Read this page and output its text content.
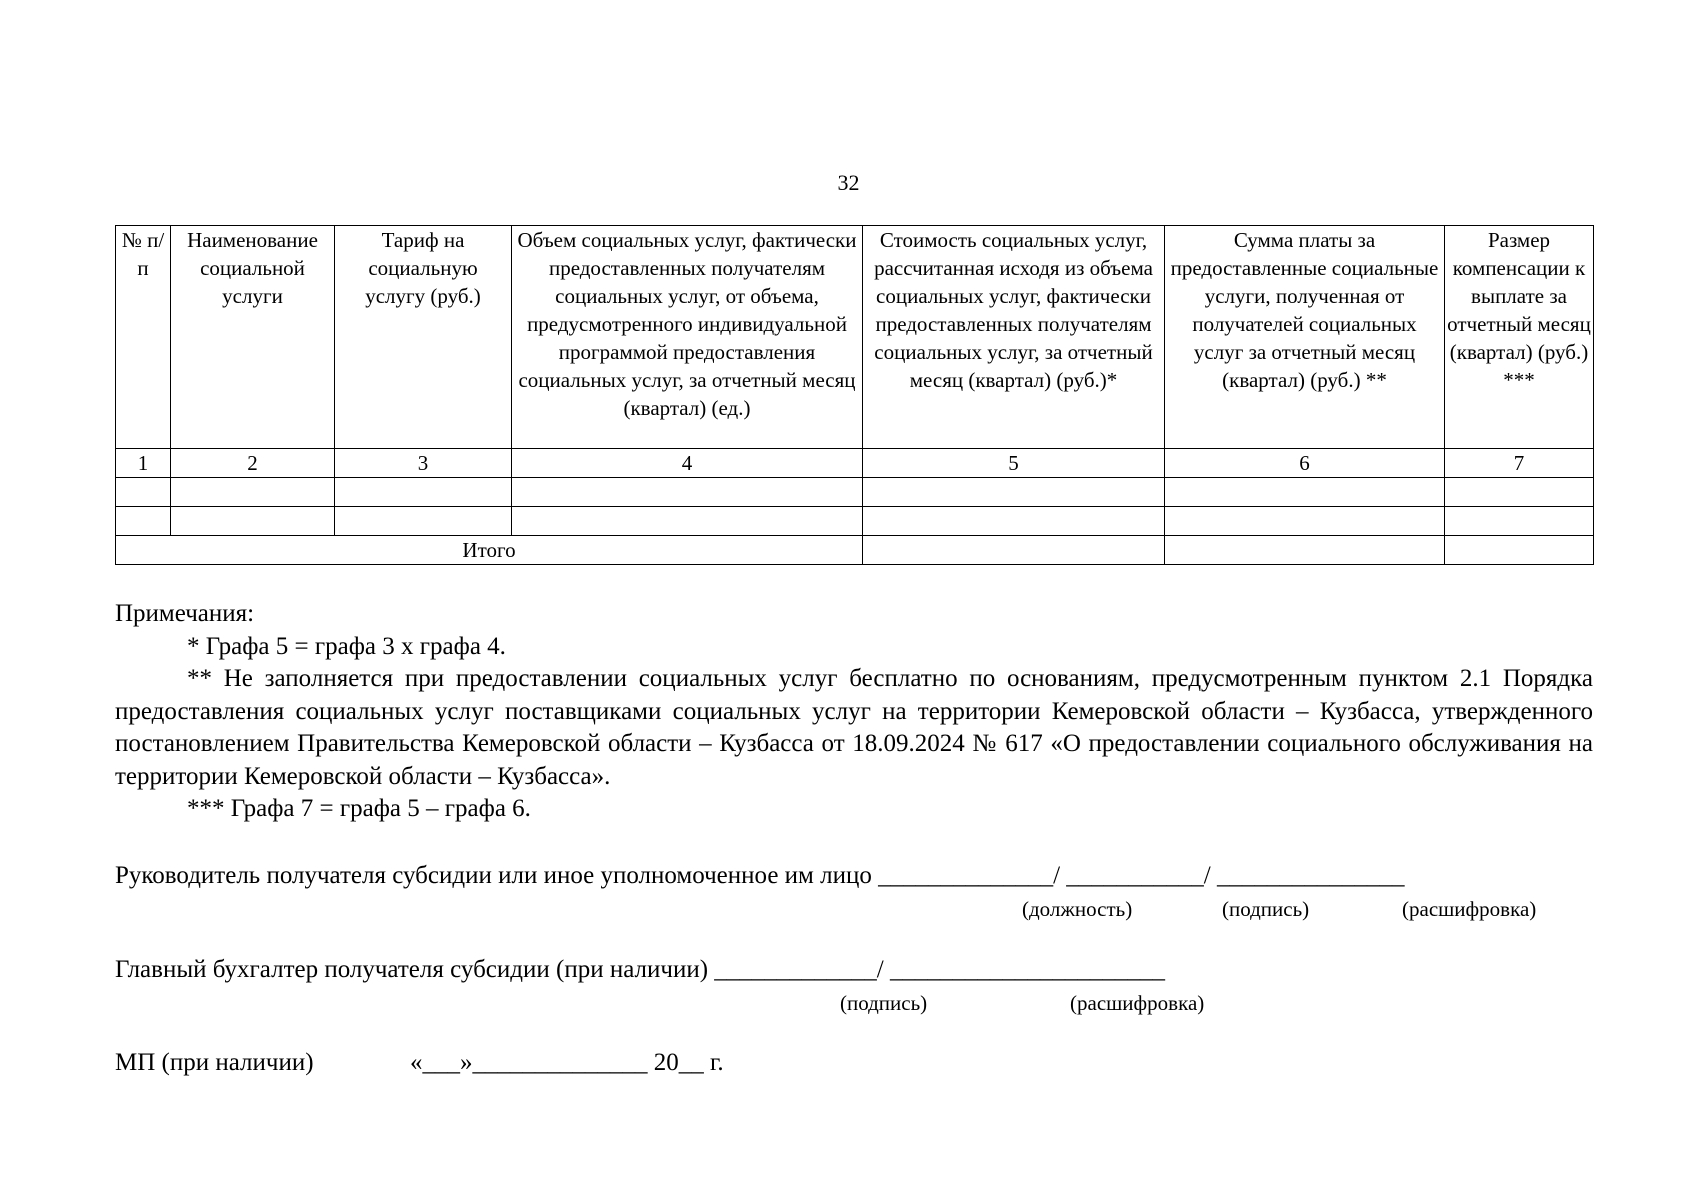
32
№ п/п	Наименование социальной услуги	Тариф на социальную услугу (руб.)	Объем социальных услуг, фактически предоставленных получателям социальных услуг, от объема, предусмотренного индивидуальной программой предоставления социальных услуг, за отчетный месяц (квартал) (ед.)	Стоимость социальных услуг, рассчитанная исходя из объема социальных услуг, фактически предоставленных получателям социальных услуг, за отчетный месяц (квартал) (руб.)*	Сумма платы за предоставленные социальные услуги, полученная от получателей социальных услуг за отчетный месяц (квартал) (руб.) **	Размер компенсации к выплате за отчетный месяц (квартал) (руб.) ***
1	2	3	4	5	6	7

Итого						

Примечания:

* Графа 5 = графа 3 х графа 4.

** Не заполняется при предоставлении социальных услуг бесплатно по основаниям, предусмотренным пунктом 2.1 Порядка предоставления социальных услуг поставщиками социальных услуг на территории Кемеровской области – Кузбасса, утвержденного постановлением Правительства Кемеровской области – Кузбасса от 18.09.2024 № 617 «О предоставлении социального обслуживания на территории Кемеровской области – Кузбасса».

*** Графа 7 = графа 5 – графа 6.

Руководитель получателя субсидии или иное уполномоченное им лицо ______________/ ___________/ _______________
(должность)	(подпись)	(расшифровка)
Главный бухгалтер получателя субсидии (при наличии) _____________/ ______________________
(подпись)	(расшифровка)
МП (при наличии)	«___»______________ 20__ г.
